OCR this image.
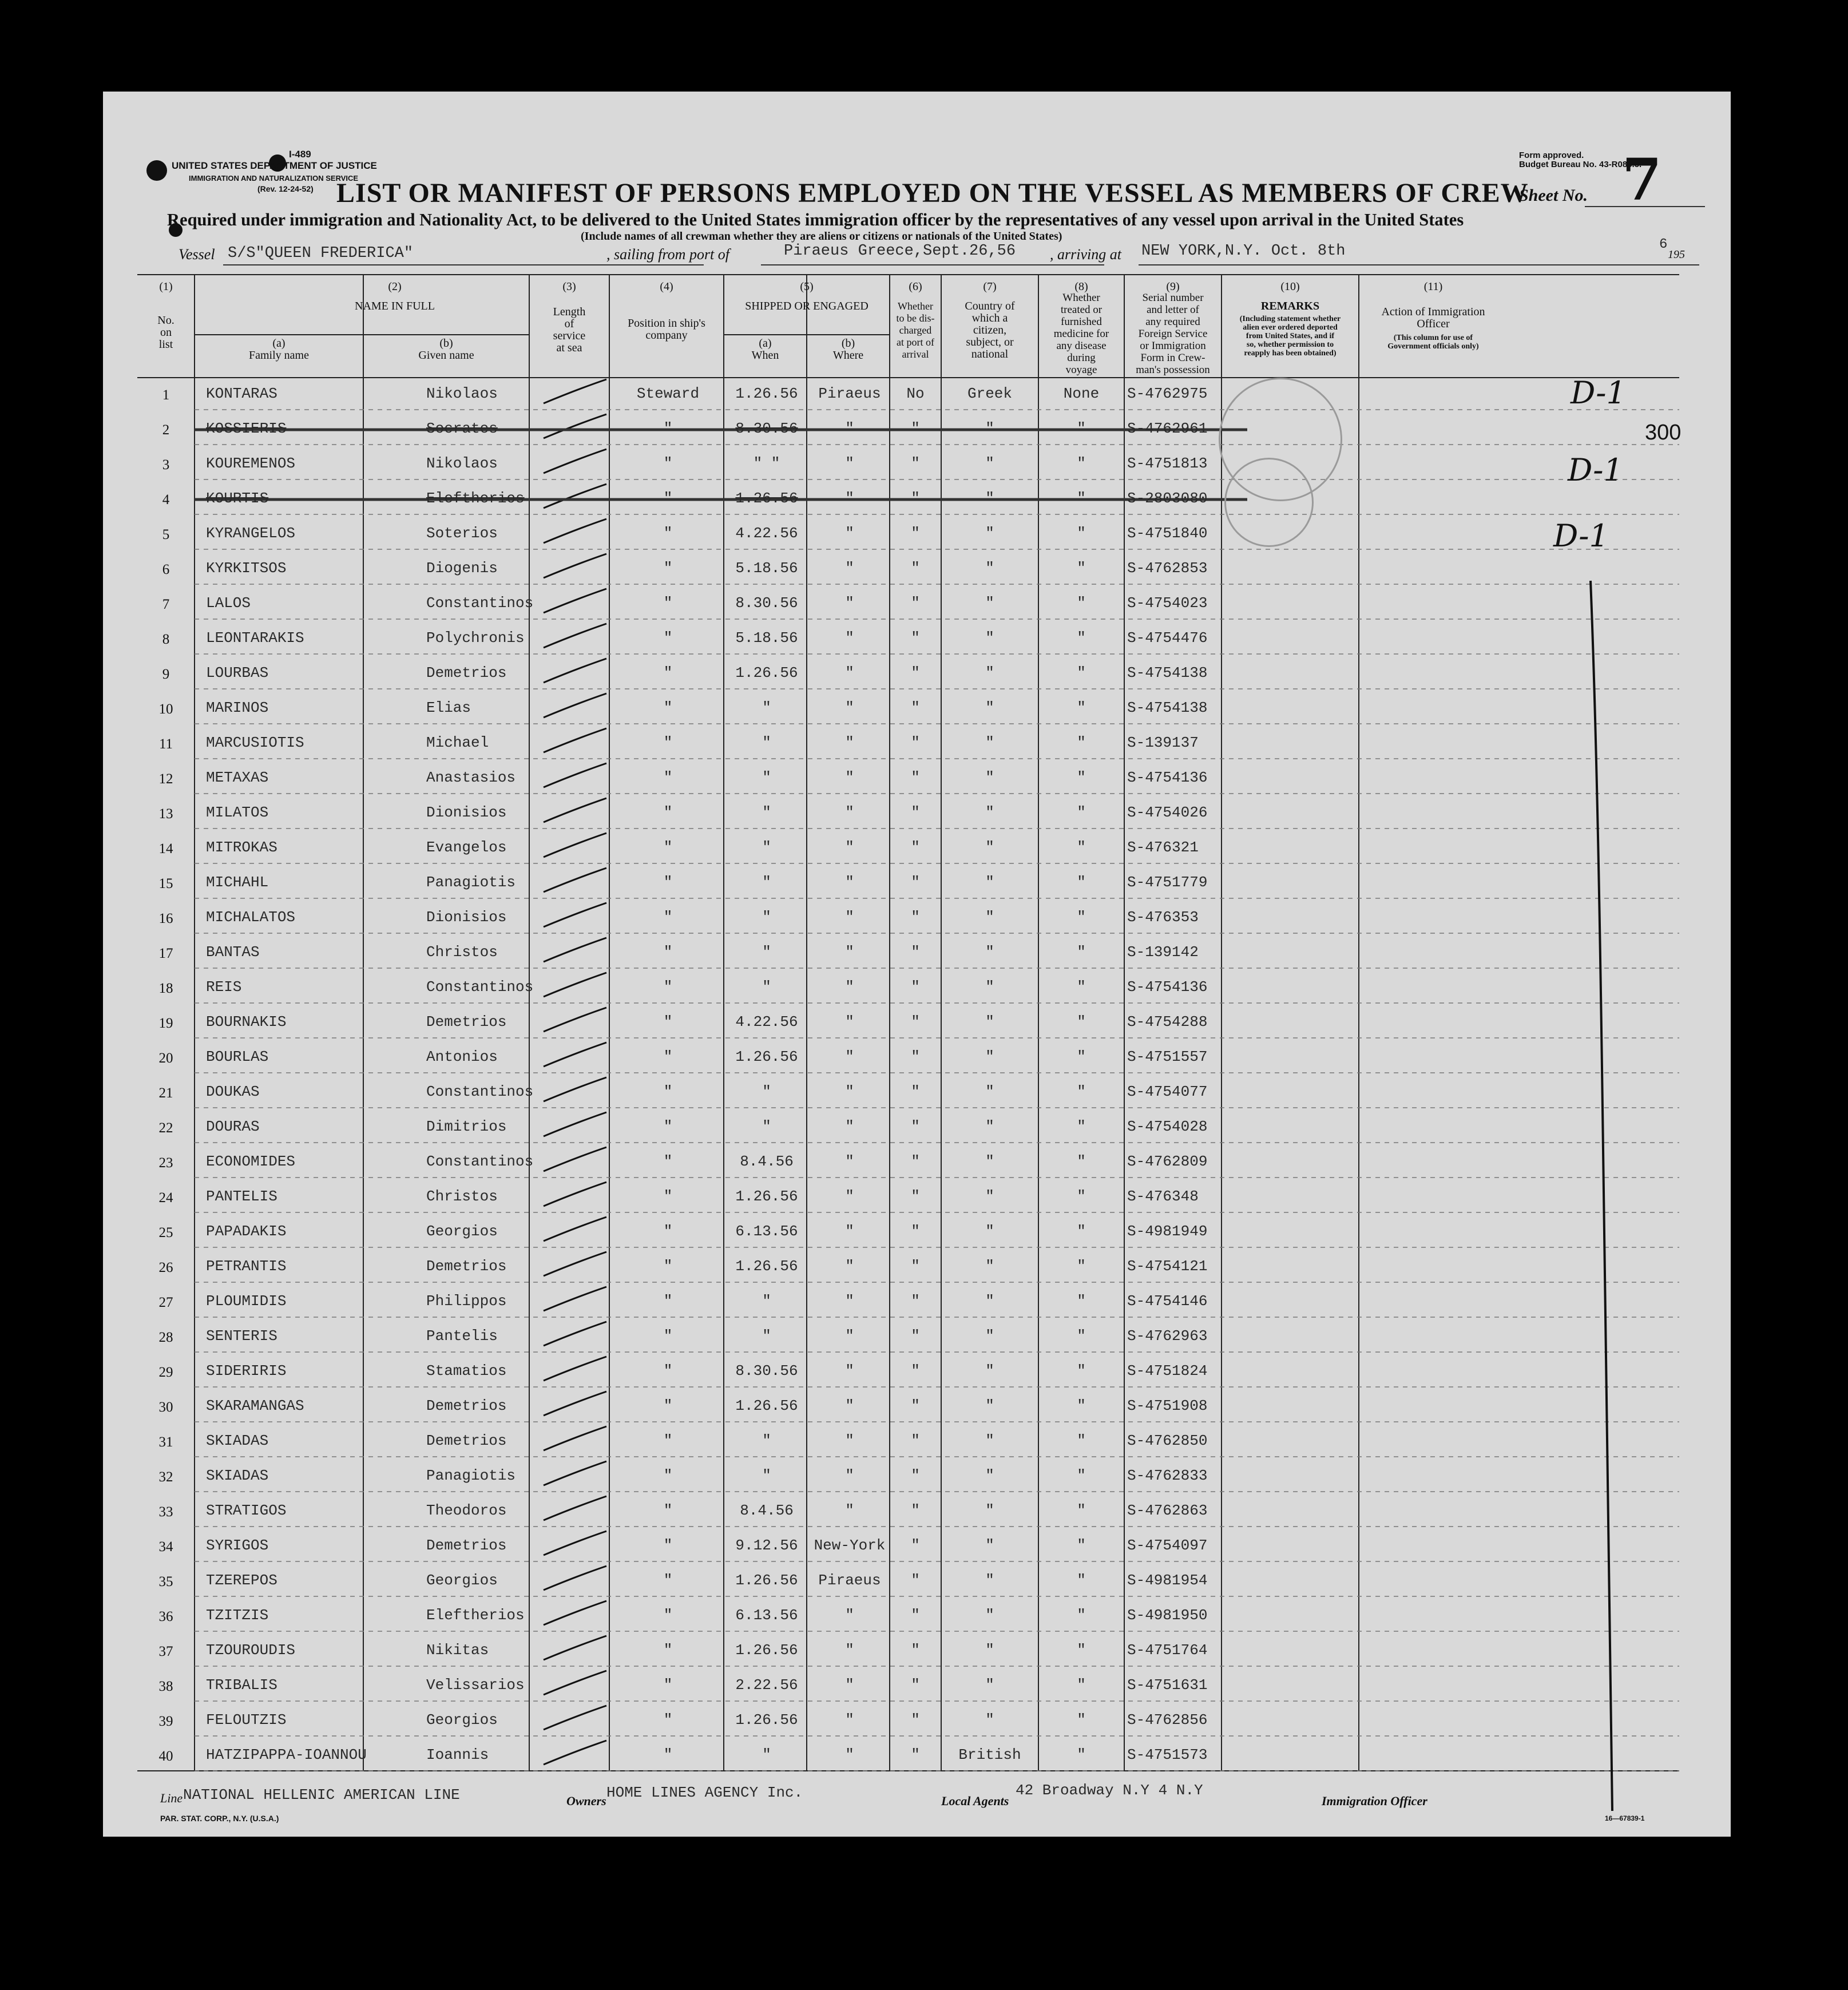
I-489
UNITED STATES DEPARTMENT OF JUSTICE
IMMIGRATION AND NATURALIZATION SERVICE
(Rev. 12-24-52)
Form approved.
Budget Bureau No. 43-R085.5.
Sheet No. 7
LIST OR MANIFEST OF PERSONS EMPLOYED ON THE VESSEL AS MEMBERS OF CREW
Required under immigration and Nationality Act, to be delivered to the United States immigration officer by the representatives of any vessel upon arrival in the United States
(Include names of all crewman whether they are aliens or citizens or nationals of the United States)
Vessel S/S"QUEEN FREDERICA"	, sailing from port of	Piraeus Greece,Sept.26,56 , arriving at NEW YORK,N.Y. Oct. 8th	6
195
(1)	(2)	(3)	(4)	(5)	(6)	(7)	(8)	(9)	(10)	(11)
No.
on
list
NAME IN FULL
(a)
Family name
(b)
Given name
Length
of
service
at sea
Position in ship's
company
SHIPPED OR ENGAGED
(a)
When
(b)
Where
Whether
to be dis-
charged
at port of
arrival
Country of
which a
citizen,
subject, or
national
Whether
treated or
furnished
medicine for
any disease
during
voyage
Serial number
and letter of
any required
Foreign Service
or Immigration
Form in Crew-
man's possession
REMARKS
(Including statement whether
alien ever ordered deported
from United States, and if
so, whether permission to
reapply has been obtained)
Action of Immigration
Officer
(This column for use of
Government officials only)
1	KONTARAS	Nikolaos	Steward	1.26.56	Piraeus	No	Greek	None	S-4762975
2	KOSSIERIS	Socrates	"	8.30.56	"	"	"	"	S-4762961
3	KOUREMENOS	Nikolaos	"	" "	"	"	"	"	S-4751813
4	KOURTIS	Eleftherios	"	1.26.56	"	"	"	"	S-2803080
5	KYRANGELOS	Soterios	"	4.22.56	"	"	"	"	S-4751840
6	KYRKITSOS	Diogenis	"	5.18.56	"	"	"	"	S-4762853
7	LALOS	Constantinos	"	8.30.56	"	"	"	"	S-4754023
8	LEONTARAKIS	Polychronis	"	5.18.56	"	"	"	"	S-4754476
9	LOURBAS	Demetrios	"	1.26.56	"	"	"	"	S-4754138
10	MARINOS	Elias	"	"	"	"	"	"	S-4754138
11	MARCUSIOTIS	Michael	"	"	"	"	"	"	S-139137
12	METAXAS	Anastasios	"	"	"	"	"	"	S-4754136
13	MILATOS	Dionisios	"	"	"	"	"	"	S-4754026
14	MITROKAS	Evangelos	"	"	"	"	"	"	S-476321
15	MICHAHL	Panagiotis	"	"	"	"	"	"	S-4751779
16	MICHALATOS	Dionisios	"	"	"	"	"	"	S-476353
17	BANTAS	Christos	"	"	"	"	"	"	S-139142
18	REIS	Constantinos	"	"	"	"	"	"	S-4754136
19	BOURNAKIS	Demetrios	"	4.22.56	"	"	"	"	S-4754288
20	BOURLAS	Antonios	"	1.26.56	"	"	"	"	S-4751557
21	DOUKAS	Constantinos	"	"	"	"	"	"	S-4754077
22	DOURAS	Dimitrios	"	"	"	"	"	"	S-4754028
23	ECONOMIDES	Constantinos	"	8.4.56	"	"	"	"	S-4762809
24	PANTELIS	Christos	"	1.26.56	"	"	"	"	S-476348
25	PAPADAKIS	Georgios	"	6.13.56	"	"	"	"	S-4981949
26	PETRANTIS	Demetrios	"	1.26.56	"	"	"	"	S-4754121
27	PLOUMIDIS	Philippos	"	"	"	"	"	"	S-4754146
28	SENTERIS	Pantelis	"	"	"	"	"	"	S-4762963
29	SIDERIRIS	Stamatios	"	8.30.56	"	"	"	"	S-4751824
30	SKARAMANGAS	Demetrios	"	1.26.56	"	"	"	"	S-4751908
31	SKIADAS	Demetrios	"	"	"	"	"	"	S-4762850
32	SKIADAS	Panagiotis	"	"	"	"	"	"	S-4762833
33	STRATIGOS	Theodoros	"	8.4.56	"	"	"	"	S-4762863
34	SYRIGOS	Demetrios	"	9.12.56	New-York	"	"	"	S-4754097
35	TZEREPOS	Georgios	"	1.26.56	Piraeus	"	"	"	S-4981954
36	TZITZIS	Eleftherios	"	6.13.56	"	"	"	"	S-4981950
37	TZOUROUDIS	Nikitas	"	1.26.56	"	"	"	"	S-4751764
38	TRIBALIS	Velissarios	"	2.22.56	"	"	"	"	S-4751631
39	FELOUTZIS	Georgios	"	1.26.56	"	"	"	"	S-4762856
40	HATZIPAPPA-IOANNOU	Ioannis	"	"	"	"	British	"	S-4751573
D-1
300
D-1
D-1
Line NATIONAL HELLENIC AMERICAN LINE	Owners HOME LINES AGENCY Inc.	Local Agents
42 Broadway N.Y 4 N.Y
Immigration Officer
PAR. STAT. CORP., N.Y. (U.S.A.)	16—67839-1
